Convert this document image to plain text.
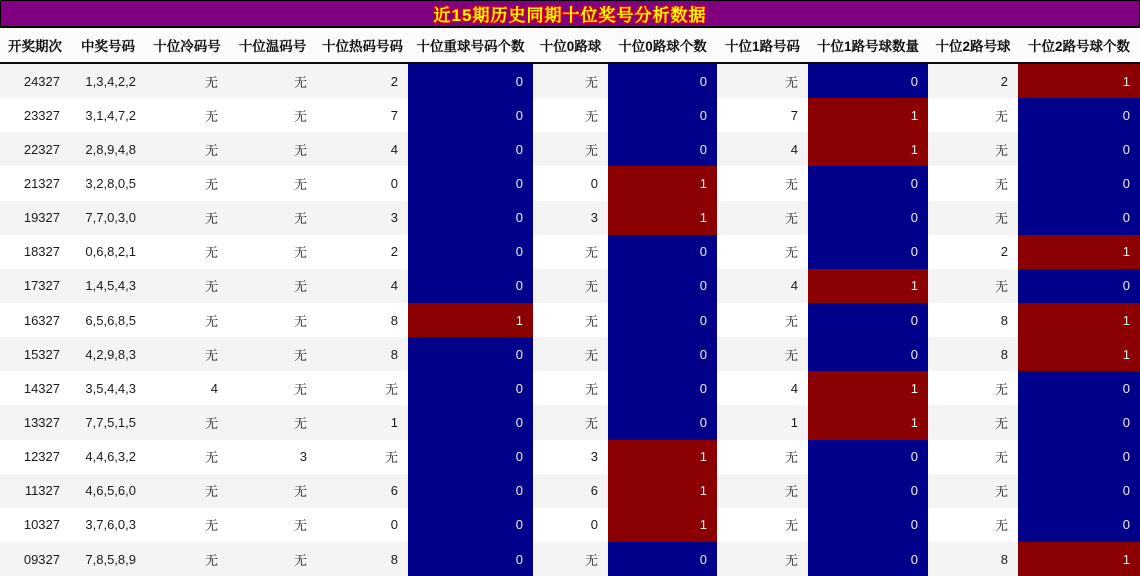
近15期历史同期十位奖号分析数据
开奖期次	中奖号码	十位冷码号	十位温码号	十位热码号码	十位重球号码个数	十位0路球	十位0路球个数	十位1路号码	十位1路号球数量	十位2路号球	十位2路号球个数
24327	1,3,4,2,2	无	无	2	0	无	0	无	0	2	1
23327	3,1,4,7,2	无	无	7	0	无	0	7	1	无	0
22327	2,8,9,4,8	无	无	4	0	无	0	4	1	无	0
21327	3,2,8,0,5	无	无	0	0	0	1	无	0	无	0
19327	7,7,0,3,0	无	无	3	0	3	1	无	0	无	0
18327	0,6,8,2,1	无	无	2	0	无	0	无	0	2	1
17327	1,4,5,4,3	无	无	4	0	无	0	4	1	无	0
16327	6,5,6,8,5	无	无	8	1	无	0	无	0	8	1
15327	4,2,9,8,3	无	无	8	0	无	0	无	0	8	1
14327	3,5,4,4,3	4	无	无	0	无	0	4	1	无	0
13327	7,7,5,1,5	无	无	1	0	无	0	1	1	无	0
12327	4,4,6,3,2	无	3	无	0	3	1	无	0	无	0
11327	4,6,5,6,0	无	无	6	0	6	1	无	0	无	0
10327	3,7,6,0,3	无	无	0	0	0	1	无	0	无	0
09327	7,8,5,8,9	无	无	8	0	无	0	无	0	8	1
